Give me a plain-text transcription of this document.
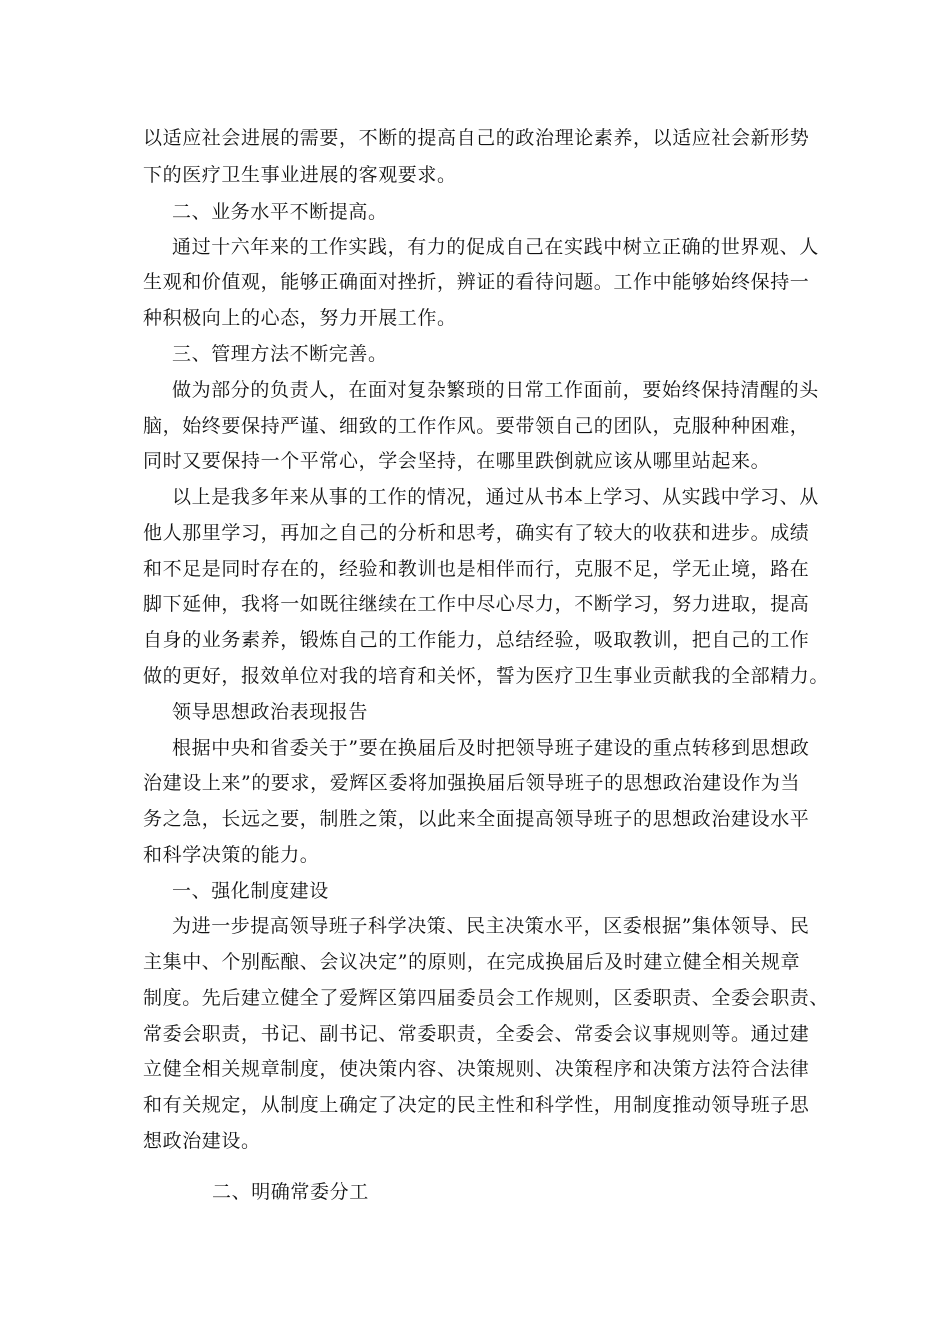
以适应社会进展的需要，不断的提高自己的政治理论素养，以适应社会新形势
下的医疗卫生事业进展的客观要求。
二、业务水平不断提高。
通过十六年来的工作实践，有力的促成自己在实践中树立正确的世界观、人
生观和价值观，能够正确面对挫折，辨证的看待问题。工作中能够始终保持一
种积极向上的心态，努力开展工作。
三、管理方法不断完善。
做为部分的负责人，在面对复杂繁琐的日常工作面前，要始终保持清醒的头
脑，始终要保持严谨、细致的工作作风。要带领自己的团队，克服种种困难，
同时又要保持一个平常心，学会坚持，在哪里跌倒就应该从哪里站起来。
以上是我多年来从事的工作的情况，通过从书本上学习、从实践中学习、从
他人那里学习，再加之自己的分析和思考，确实有了较大的收获和进步。成绩
和不足是同时存在的，经验和教训也是相伴而行，克服不足，学无止境，路在
脚下延伸，我将一如既往继续在工作中尽心尽力，不断学习，努力进取，提高
自身的业务素养，锻炼自己的工作能力，总结经验，吸取教训，把自己的工作
做的更好，报效单位对我的培育和关怀，誓为医疗卫生事业贡献我的全部精力。
领导思想政治表现报告
根据中央和省委关于”要在换届后及时把领导班子建设的重点转移到思想政
治建设上来”的要求，爱辉区委将加强换届后领导班子的思想政治建设作为当
务之急，长远之要，制胜之策，以此来全面提高领导班子的思想政治建设水平
和科学决策的能力。
一、强化制度建设
为进一步提高领导班子科学决策、民主决策水平，区委根据”集体领导、民
主集中、个别酝酿、会议决定”的原则，在完成换届后及时建立健全相关规章
制度。先后建立健全了爱辉区第四届委员会工作规则，区委职责、全委会职责、
常委会职责，书记、副书记、常委职责，全委会、常委会议事规则等。通过建
立健全相关规章制度，使决策内容、决策规则、决策程序和决策方法符合法律
和有关规定，从制度上确定了决定的民主性和科学性，用制度推动领导班子思
想政治建设。
二、明确常委分工
